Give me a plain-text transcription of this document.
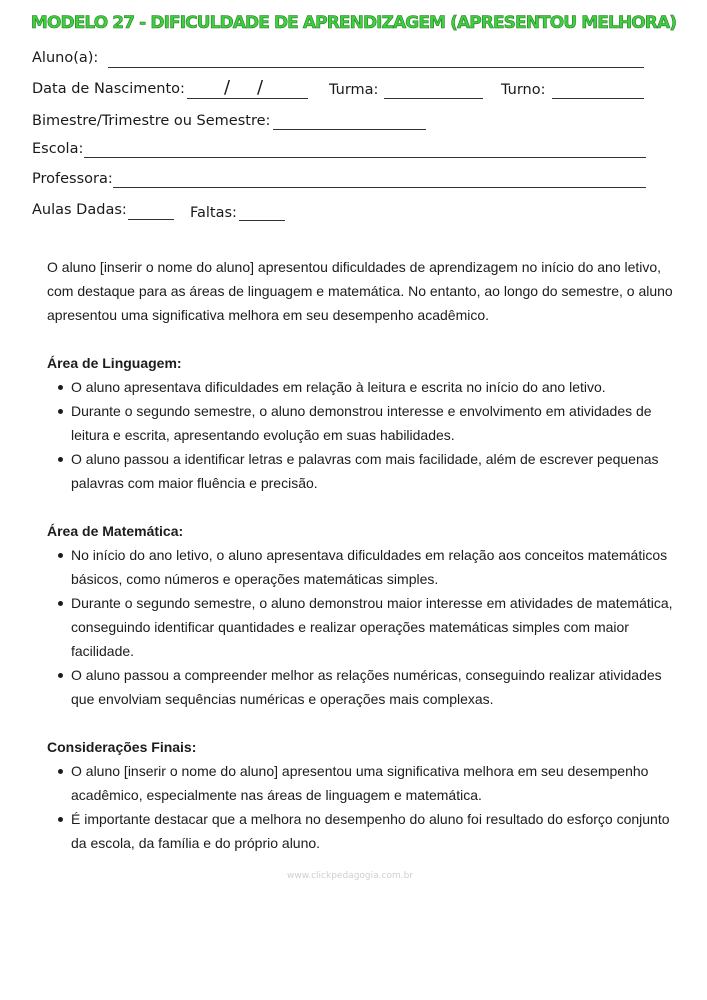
MODELO 27 - DIFICULDADE DE APRENDIZAGEM (APRESENTOU MELHORA)
Aluno(a):
Data de Nascimento: / /	Turma:	Turno:
Bimestre/Trimestre ou Semestre:
Escola:
Professora:
Aulas Dadas:	Faltas:

O aluno [inserir o nome do aluno] apresentou dificuldades de aprendizagem no início do ano letivo, com destaque para as áreas de linguagem e matemática. No entanto, ao longo do semestre, o aluno apresentou uma significativa melhora em seu desempenho acadêmico.

Área de Linguagem:
O aluno apresentava dificuldades em relação à leitura e escrita no início do ano letivo.
Durante o segundo semestre, o aluno demonstrou interesse e envolvimento em atividades de leitura e escrita, apresentando evolução em suas habilidades.
O aluno passou a identificar letras e palavras com mais facilidade, além de escrever pequenas palavras com maior fluência e precisão.
Área de Matemática:
No início do ano letivo, o aluno apresentava dificuldades em relação aos conceitos matemáticos básicos, como números e operações matemáticas simples.
Durante o segundo semestre, o aluno demonstrou maior interesse em atividades de matemática, conseguindo identificar quantidades e realizar operações matemáticas simples com maior facilidade.
O aluno passou a compreender melhor as relações numéricas, conseguindo realizar atividades que envolviam sequências numéricas e operações mais complexas.
Considerações Finais:
O aluno [inserir o nome do aluno] apresentou uma significativa melhora em seu desempenho acadêmico, especialmente nas áreas de linguagem e matemática.
É importante destacar que a melhora no desempenho do aluno foi resultado do esforço conjunto da escola, da família e do próprio aluno.
www.clickpedagogia.com.br
